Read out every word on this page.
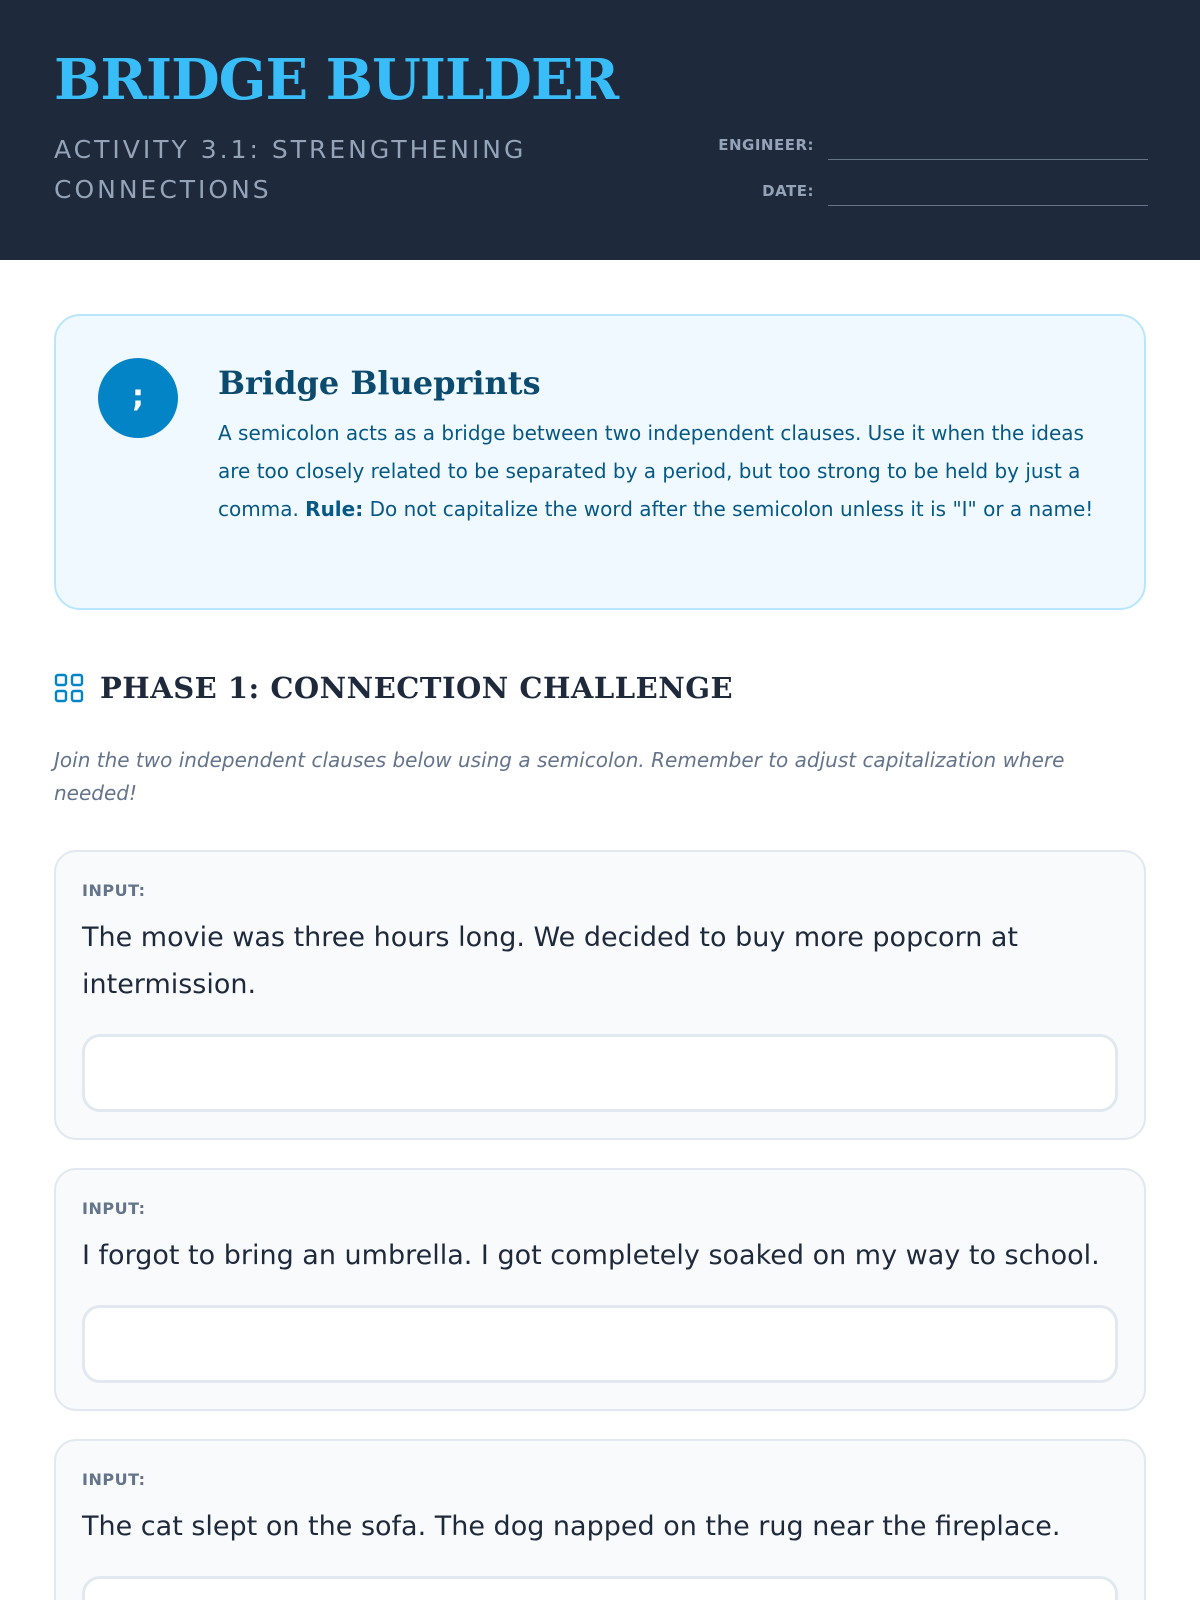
BRIDGE BUILDER
ACTIVITY 3.1: STRENGTHENING CONNECTIONS
ENGINEER:
DATE:
;	Bridge Blueprints
A semicolon acts as a bridge between two independent clauses. Use it when the ideas are too closely related to be separated by a period, but too strong to be held by just a comma. Rule: Do not capitalize the word after the semicolon unless it is "I" or a name!
PHASE 1: CONNECTION CHALLENGE
Join the two independent clauses below using a semicolon. Remember to adjust capitalization where needed!
INPUT:
The movie was three hours long. We decided to buy more popcorn at intermission.
INPUT:
I forgot to bring an umbrella. I got completely soaked on my way to school.
INPUT:
The cat slept on the sofa. The dog napped on the rug near the fireplace.
